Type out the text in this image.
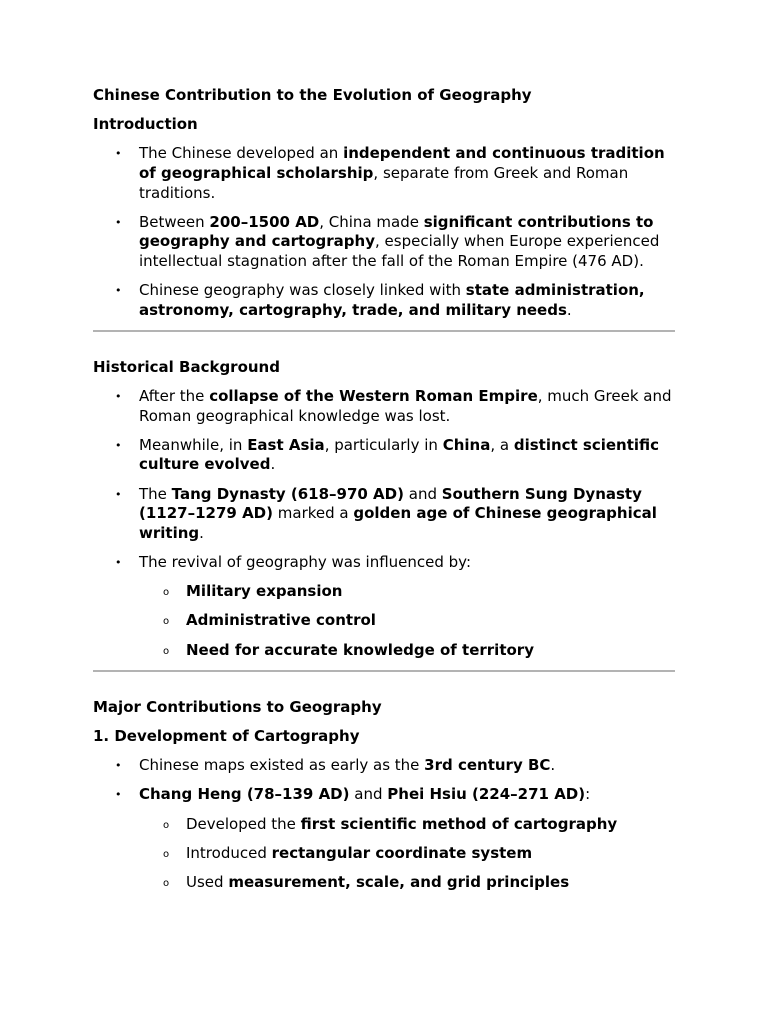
Chinese Contribution to the Evolution of Geography
Introduction
• The Chinese developed an independent and continuous tradition of geographical scholarship, separate from Greek and Roman traditions.
• Between 200–1500 AD, China made significant contributions to geography and cartography, especially when Europe experienced intellectual stagnation after the fall of the Roman Empire (476 AD).
• Chinese geography was closely linked with state administration, astronomy, cartography, trade, and military needs.
Historical Background
• After the collapse of the Western Roman Empire, much Greek and Roman geographical knowledge was lost.
• Meanwhile, in East Asia, particularly in China, a distinct scientific culture evolved.
• The Tang Dynasty (618–970 AD) and Southern Sung Dynasty (1127–1279 AD) marked a golden age of Chinese geographical writing.
• The revival of geography was influenced by:
o Military expansion
o Administrative control
o Need for accurate knowledge of territory
Major Contributions to Geography
1. Development of Cartography
• Chinese maps existed as early as the 3rd century BC.
• Chang Heng (78–139 AD) and Phei Hsiu (224–271 AD):
o Developed the first scientific method of cartography
o Introduced rectangular coordinate system
o Used measurement, scale, and grid principles
